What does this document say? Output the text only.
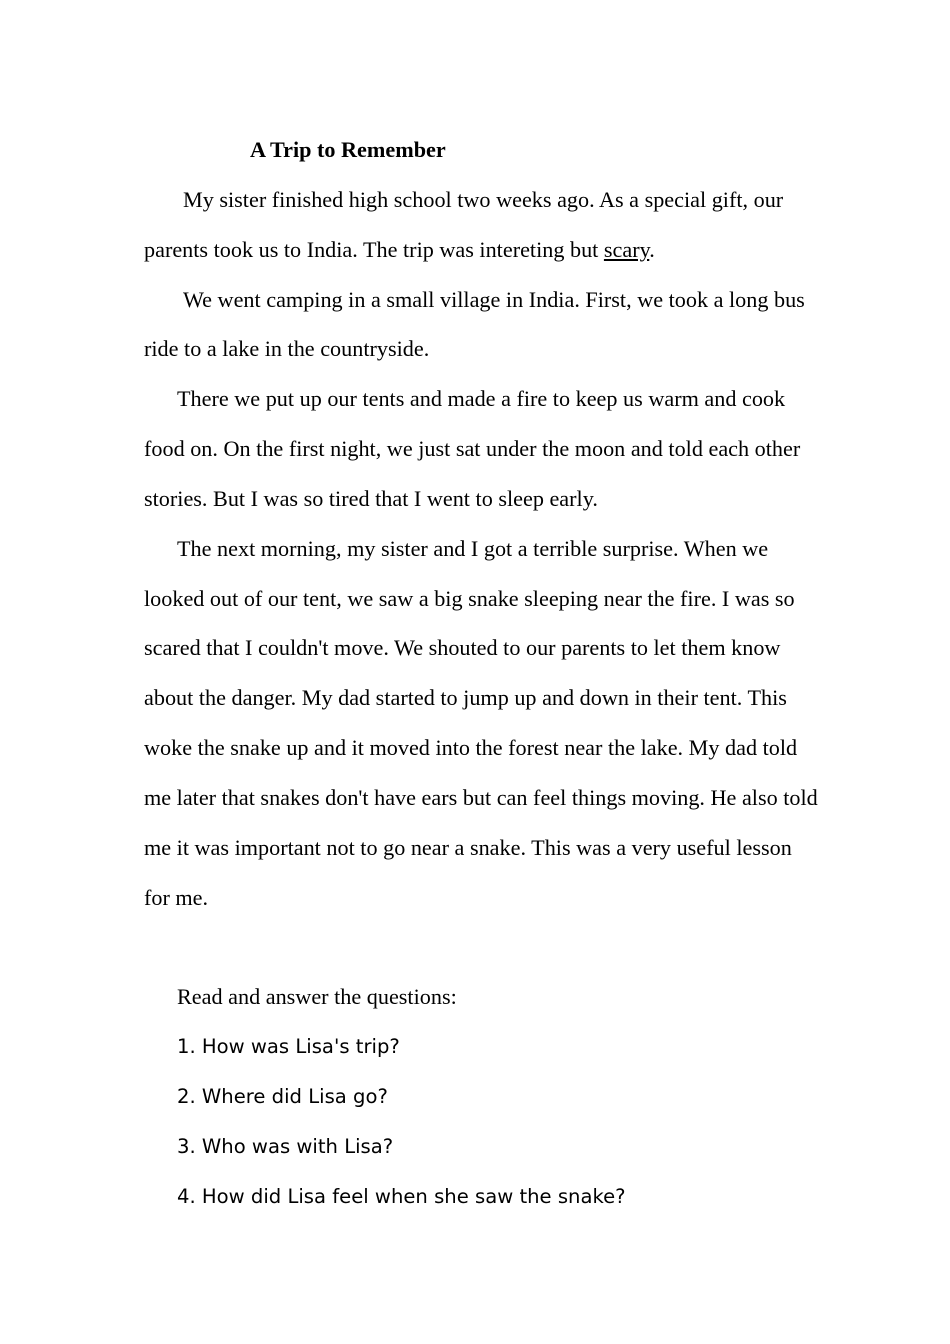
A Trip to Remember

My sister finished high school two weeks ago. As a special gift, our parents took us to India. The trip was intereting but scary.

We went camping in a small village in India. First, we took a long bus ride to a lake in the countryside.

There we put up our tents and made a fire to keep us warm and cook food on. On the first night, we just sat under the moon and told each other stories. But I was so tired that I went to sleep early.

The next morning, my sister and I got a terrible surprise. When we looked out of our tent, we saw a big snake sleeping near the fire. I was so scared that I couldn't move. We shouted to our parents to let them know about the danger. My dad started to jump up and down in their tent. This woke the snake up and it moved into the forest near the lake. My dad told me later that snakes don't have ears but can feel things moving. He also told me it was important not to go near a snake. This was a very useful lesson for me.

Read and answer the questions:

1. How was Lisa's trip?
2. Where did Lisa go?
3. Who was with Lisa?
4. How did Lisa feel when she saw the snake?
